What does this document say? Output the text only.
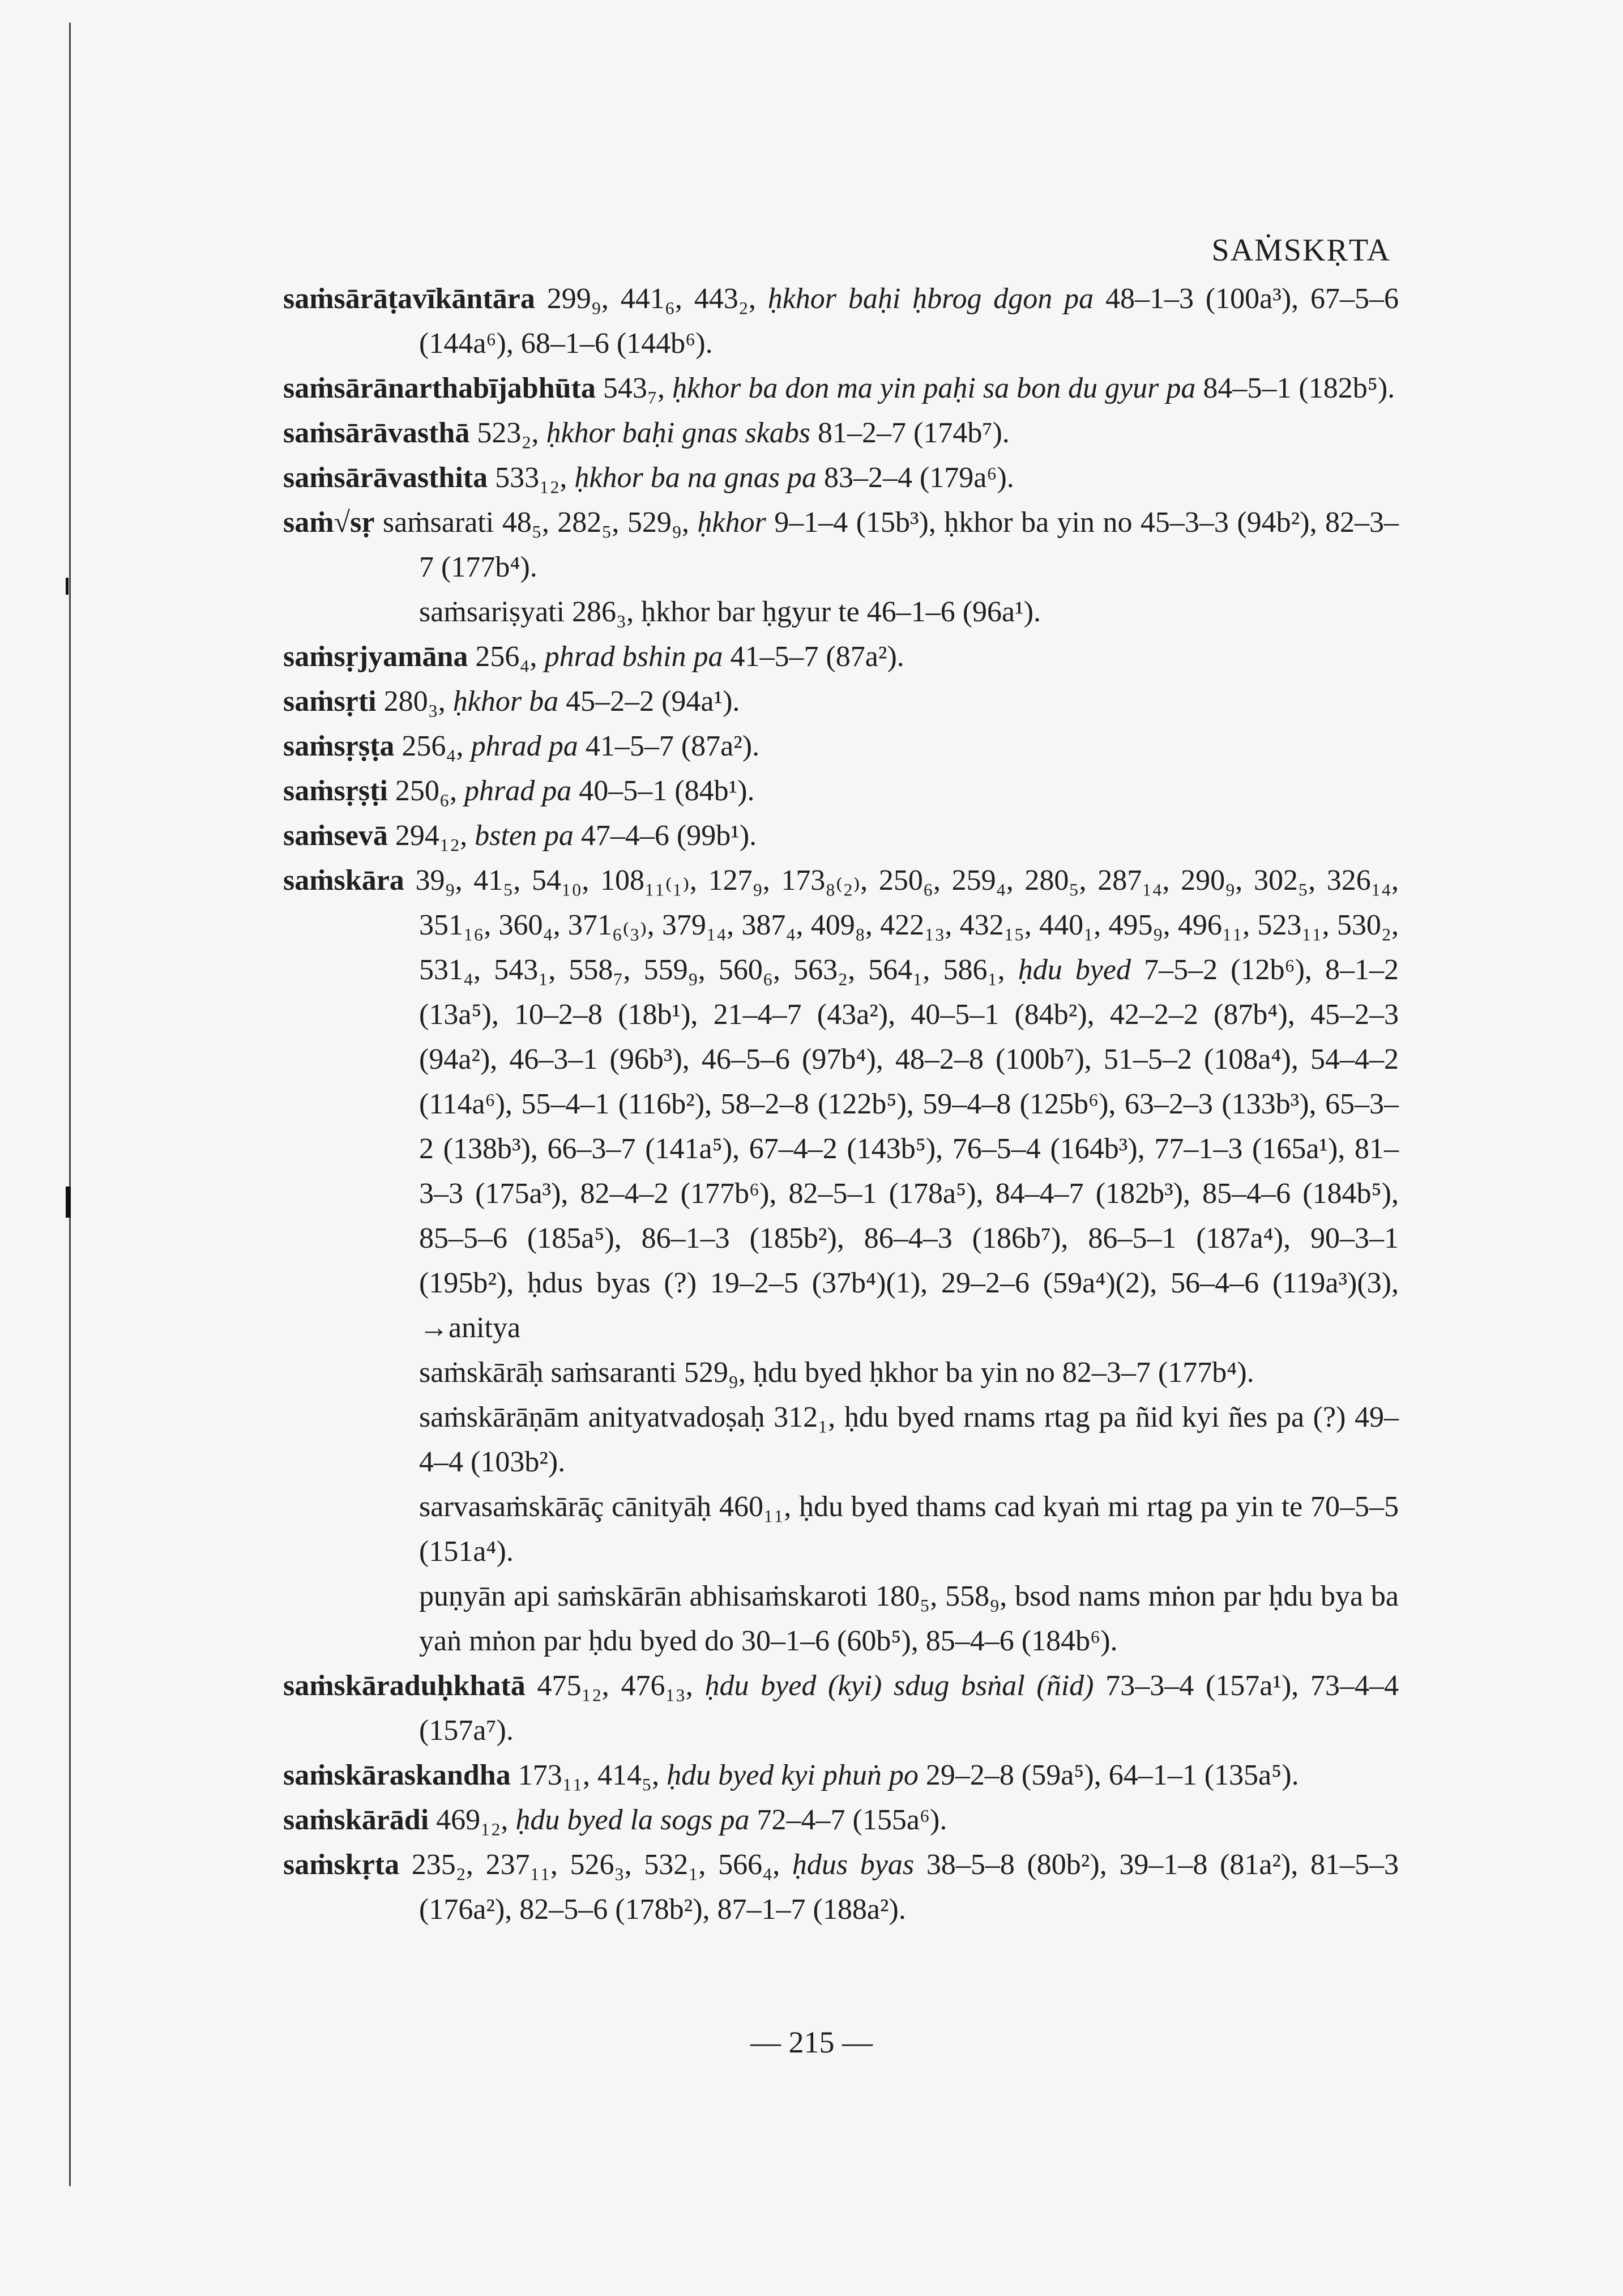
SAṀSKṚTA
saṁsārāṭavīkāntāra 299₉, 441₆, 443₂, ḥkhor baḥi ḥbrog dgon pa 48–1–3 (100a³), 67–5–6 (144a⁶), 68–1–6 (144b⁶).
saṁsārānarthabījabhūta 543₇, ḥkhor ba don ma yin paḥi sa bon du gyur pa 84–5–1 (182b⁵).
saṁsārāvasthā 523₂, ḥkhor baḥi gnas skabs 81–2–7 (174b⁷).
saṁsārāvasthita 533₁₂, ḥkhor ba na gnas pa 83–2–4 (179a⁶).
saṁ√sṛ saṁsarati 48₅, 282₅, 529₉, ḥkhor 9–1–4 (15b³), ḥkhor ba yin no 45–3–3 (94b²), 82–3–7 (177b⁴).
saṁsariṣyati 286₃, ḥkhor bar ḥgyur te 46–1–6 (96a¹).
saṁsṛjyamāna 256₄, phrad bshin pa 41–5–7 (87a²).
saṁsṛti 280₃, ḥkhor ba 45–2–2 (94a¹).
saṁsṛṣṭa 256₄, phrad pa 41–5–7 (87a²).
saṁsṛṣṭi 250₆, phrad pa 40–5–1 (84b¹).
saṁsevā 294₁₂, bsten pa 47–4–6 (99b¹).
saṁskāra 39₉, 41₅, 54₁₀, 108₁₁₍₁₎, 127₉, 173₈₍₂₎, 250₆, 259₄, 280₅, 287₁₄, 290₉, 302₅, 326₁₄, 351₁₆, 360₄, 371₆₍₃₎, 379₁₄, 387₄, 409₈, 422₁₃, 432₁₅, 440₁, 495₉, 496₁₁, 523₁₁, 530₂, 531₄, 543₁, 558₇, 559₉, 560₆, 563₂, 564₁, 586₁, ḥdu byed 7–5–2 (12b⁶), 8–1–2 (13a⁵), 10–2–8 (18b¹), 21–4–7 (43a²), 40–5–1 (84b²), 42–2–2 (87b⁴), 45–2–3 (94a²), 46–3–1 (96b³), 46–5–6 (97b⁴), 48–2–8 (100b⁷), 51–5–2 (108a⁴), 54–4–2 (114a⁶), 55–4–1 (116b²), 58–2–8 (122b⁵), 59–4–8 (125b⁶), 63–2–3 (133b³), 65–3–2 (138b³), 66–3–7 (141a⁵), 67–4–2 (143b⁵), 76–5–4 (164b³), 77–1–3 (165a¹), 81–3–3 (175a³), 82–4–2 (177b⁶), 82–5–1 (178a⁵), 84–4–7 (182b³), 85–4–6 (184b⁵), 85–5–6 (185a⁵), 86–1–3 (185b²), 86–4–3 (186b⁷), 86–5–1 (187a⁴), 90–3–1 (195b²), ḥdus byas (?) 19–2–5 (37b⁴)(1), 29–2–6 (59a⁴)(2), 56–4–6 (119a³)(3), →anitya
saṁskārāḥ saṁsaranti 529₉, ḥdu byed ḥkhor ba yin no 82–3–7 (177b⁴).
saṁskārāṇām anityatvadoṣaḥ 312₁, ḥdu byed rnams rtag pa ñid kyi ñes pa (?) 49–4–4 (103b²).
sarvasaṁskārāç cānityāḥ 460₁₁, ḥdu byed thams cad kyaṅ mi rtag pa yin te 70–5–5 (151a⁴).
puṇyān api saṁskārān abhisaṁskaroti 180₅, 558₉, bsod nams mṅon par ḥdu bya ba yaṅ mṅon par ḥdu byed do 30–1–6 (60b⁵), 85–4–6 (184b⁶).
saṁskāraduḥkhatā 475₁₂, 476₁₃, ḥdu byed (kyi) sdug bsṅal (ñid) 73–3–4 (157a¹), 73–4–4 (157a⁷).
saṁskāraskandha 173₁₁, 414₅, ḥdu byed kyi phuṅ po 29–2–8 (59a⁵), 64–1–1 (135a⁵).
saṁskārādi 469₁₂, ḥdu byed la sogs pa 72–4–7 (155a⁶).
saṁskṛta 235₂, 237₁₁, 526₃, 532₁, 566₄, ḥdus byas 38–5–8 (80b²), 39–1–8 (81a²), 81–5–3 (176a²), 82–5–6 (178b²), 87–1–7 (188a²).
— 215 —
